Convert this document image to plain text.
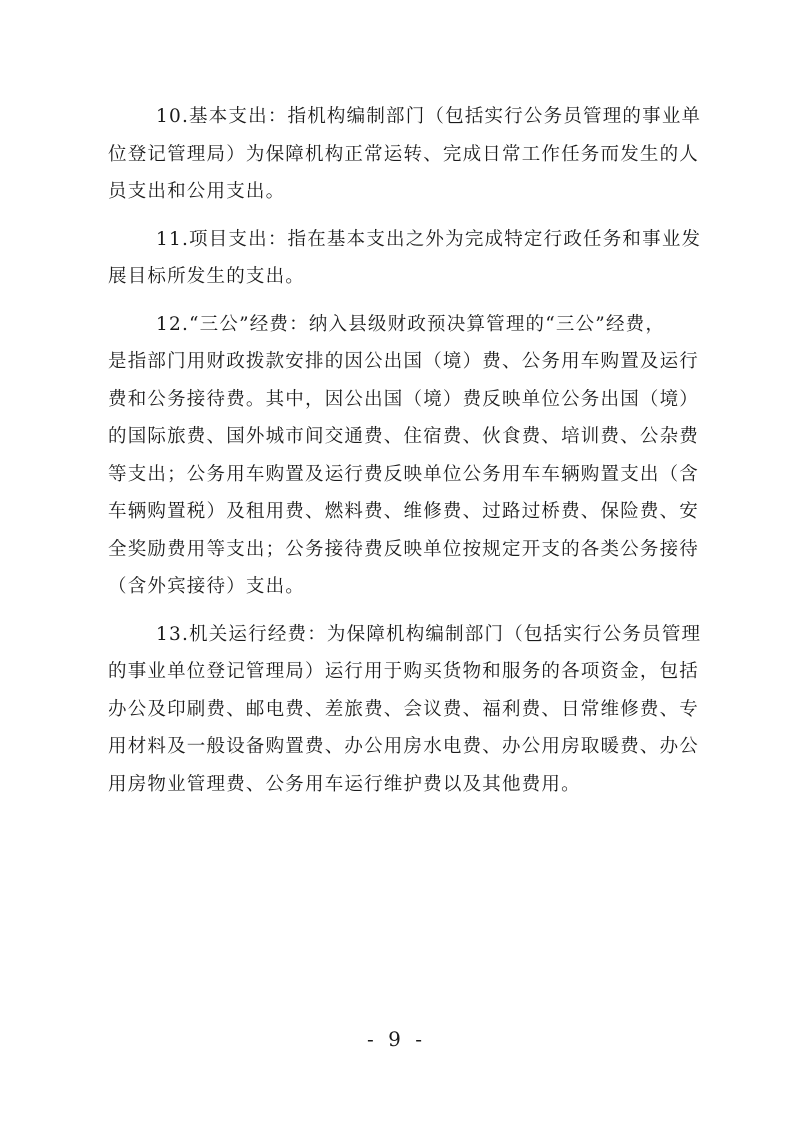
10.基本支出：指机构编制部门（包括实行公务员管理的事业单
位登记管理局）为保障机构正常运转、完成日常工作任务而发生的人
员支出和公用支出。

11.项目支出：指在基本支出之外为完成特定行政任务和事业发
展目标所发生的支出。

12.“三公”经费：纳入县级财政预决算管理的“三公”经费，
是指部门用财政拨款安排的因公出国（境）费、公务用车购置及运行
费和公务接待费。其中，因公出国（境）费反映单位公务出国（境）
的国际旅费、国外城市间交通费、住宿费、伙食费、培训费、公杂费
等支出；公务用车购置及运行费反映单位公务用车车辆购置支出（含
车辆购置税）及租用费、燃料费、维修费、过路过桥费、保险费、安
全奖励费用等支出；公务接待费反映单位按规定开支的各类公务接待
（含外宾接待）支出。

13.机关运行经费：为保障机构编制部门（包括实行公务员管理
的事业单位登记管理局）运行用于购买货物和服务的各项资金，包括
办公及印刷费、邮电费、差旅费、会议费、福利费、日常维修费、专
用材料及一般设备购置费、办公用房水电费、办公用房取暖费、办公
用房物业管理费、公务用车运行维护费以及其他费用。

- 9 -
